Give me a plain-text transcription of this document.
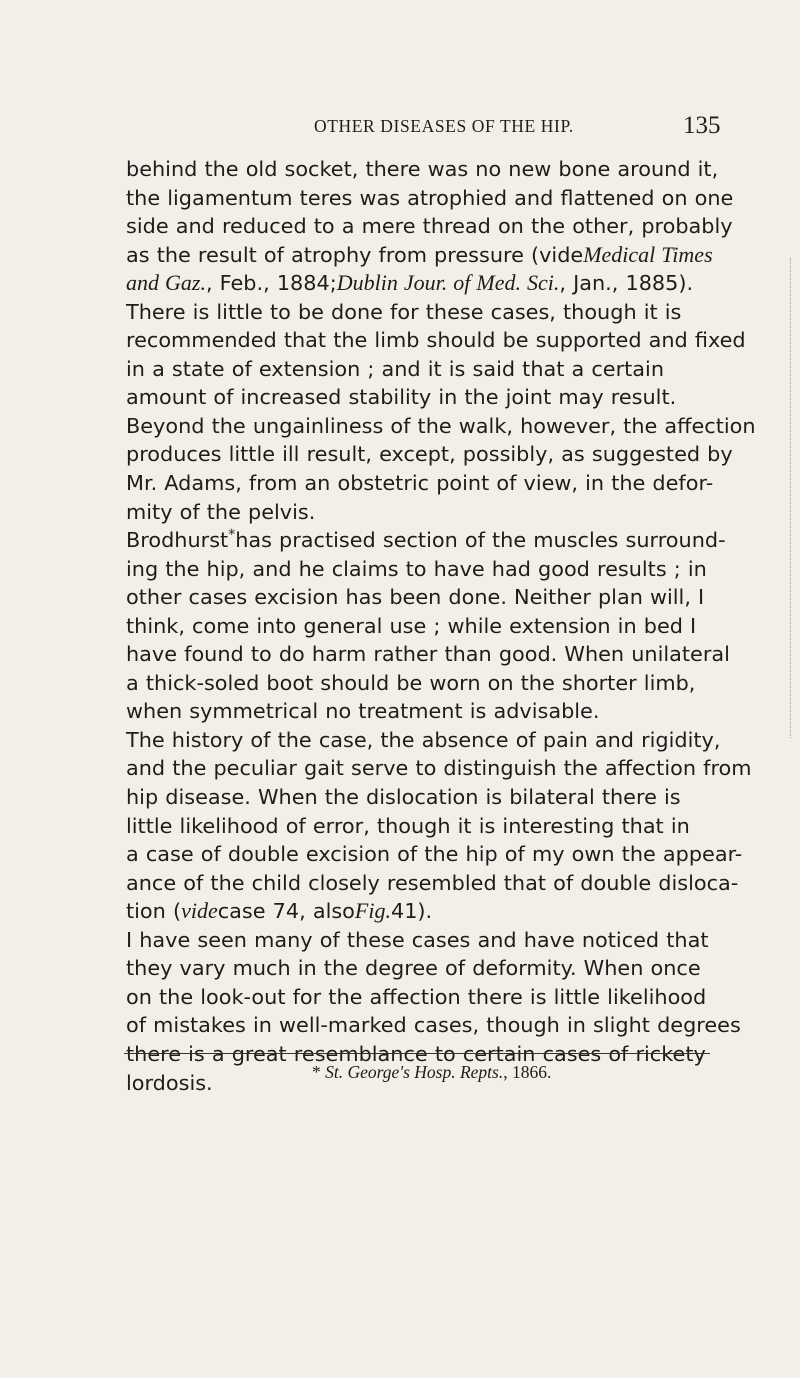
OTHER DISEASES OF THE HIP.	135
behind the old socket, there was no new bone around it,
the ligamentum teres was atrophied and flattened on one
side and reduced to a mere thread on the other, probably
as the result of atrophy from pressure (videMedical Times
and Gaz., Feb., 1884;Dublin Jour. of Med. Sci., Jan., 1885).
There is little to be done for these cases, though it is
recommended that the limb should be supported and fixed
in a state of extension ; and it is said that a certain
amount of increased stability in the joint may result.
Beyond the ungainliness of the walk, however, the affection
produces little ill result, except, possibly, as suggested by
Mr. Adams, from an obstetric point of view, in the defor-
mity of the pelvis.
Brodhurst*has practised section of the muscles surround-
ing the hip, and he claims to have had good results ; in
other cases excision has been done. Neither plan will, I
think, come into general use ; while extension in bed I
have found to do harm rather than good. When unilateral
a thick-soled boot should be worn on the shorter limb,
when symmetrical no treatment is advisable.
The history of the case, the absence of pain and rigidity,
and the peculiar gait serve to distinguish the affection from
hip disease. When the dislocation is bilateral there is
little likelihood of error, though it is interesting that in
a case of double excision of the hip of my own the appear-
ance of the child closely resembled that of double disloca-
tion (videcase 74, alsoFig.41).
I have seen many of these cases and have noticed that
they vary much in the degree of deformity. When once
on the look-out for the affection there is little likelihood
of mistakes in well-marked cases, though in slight degrees
there is a great resemblance to certain cases of rickety
lordosis.	* St. George's Hosp. Repts., 1866.
